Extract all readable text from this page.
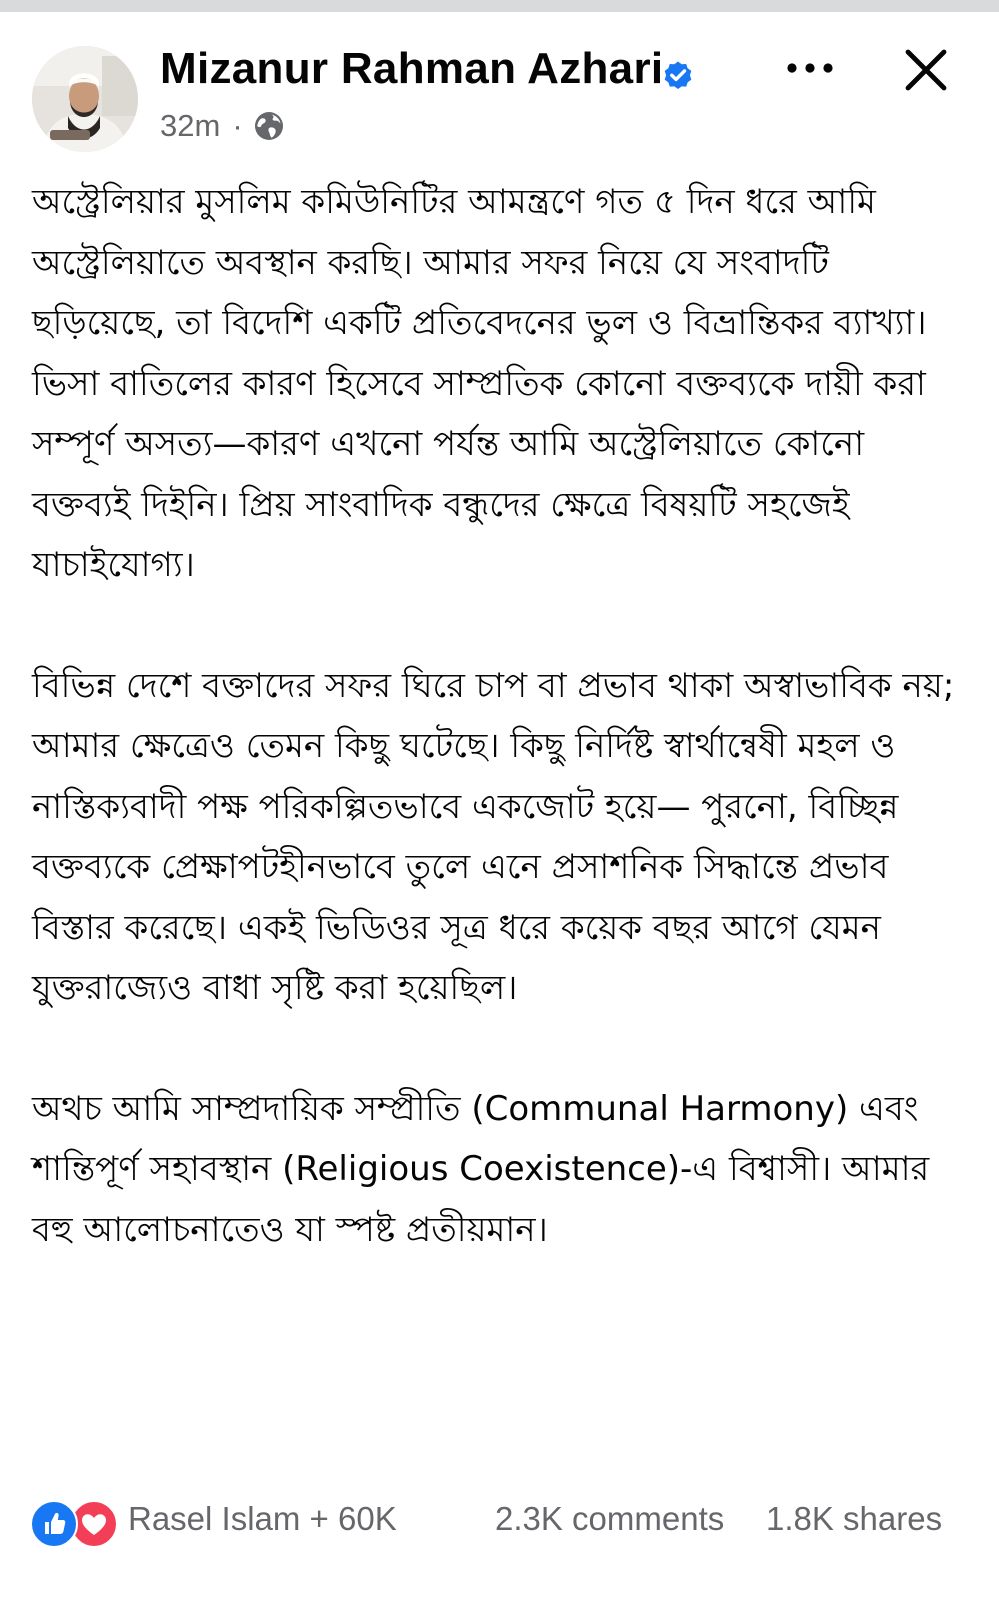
Mizanur Rahman Azhari
32m ·

অস্ট্রেলিয়ার মুসলিম কমিউনিটির আমন্ত্রণে গত ৫ দিন ধরে আমি অস্ট্রেলিয়াতে অবস্থান করছি। আমার সফর নিয়ে যে সংবাদটি ছড়িয়েছে, তা বিদেশি একটি প্রতিবেদনের ভুল ও বিভ্রান্তিকর ব্যাখ্যা। ভিসা বাতিলের কারণ হিসেবে সাম্প্রতিক কোনো বক্তব্যকে দায়ী করা সম্পূর্ণ অসত্য—কারণ এখনো পর্যন্ত আমি অস্ট্রেলিয়াতে কোনো বক্তব্যই দিইনি। প্রিয় সাংবাদিক বন্ধুদের ক্ষেত্রে বিষয়টি সহজেই যাচাইযোগ্য।

বিভিন্ন দেশে বক্তাদের সফর ঘিরে চাপ বা প্রভাব থাকা অস্বাভাবিক নয়; আমার ক্ষেত্রেও তেমন কিছু ঘটেছে। কিছু নির্দিষ্ট স্বার্থান্বেষী মহল ও নাস্তিক্যবাদী পক্ষ পরিকল্পিতভাবে একজোট হয়ে— পুরনো, বিচ্ছিন্ন বক্তব্যকে প্রেক্ষাপটহীনভাবে তুলে এনে প্রসাশনিক সিদ্ধান্তে প্রভাব বিস্তার করেছে। একই ভিডিওর সূত্র ধরে কয়েক বছর আগে যেমন যুক্তরাজ্যেও বাধা সৃষ্টি করা হয়েছিল।

অথচ আমি সাম্প্রদায়িক সম্প্রীতি (Communal Harmony) এবং শান্তিপূর্ণ সহাবস্থান (Religious Coexistence)-এ বিশ্বাসী। আমার বহু আলোচনাতেও যা স্পষ্ট প্রতীয়মান।

Rasel Islam + 60K	2.3K comments 1.8K shares
